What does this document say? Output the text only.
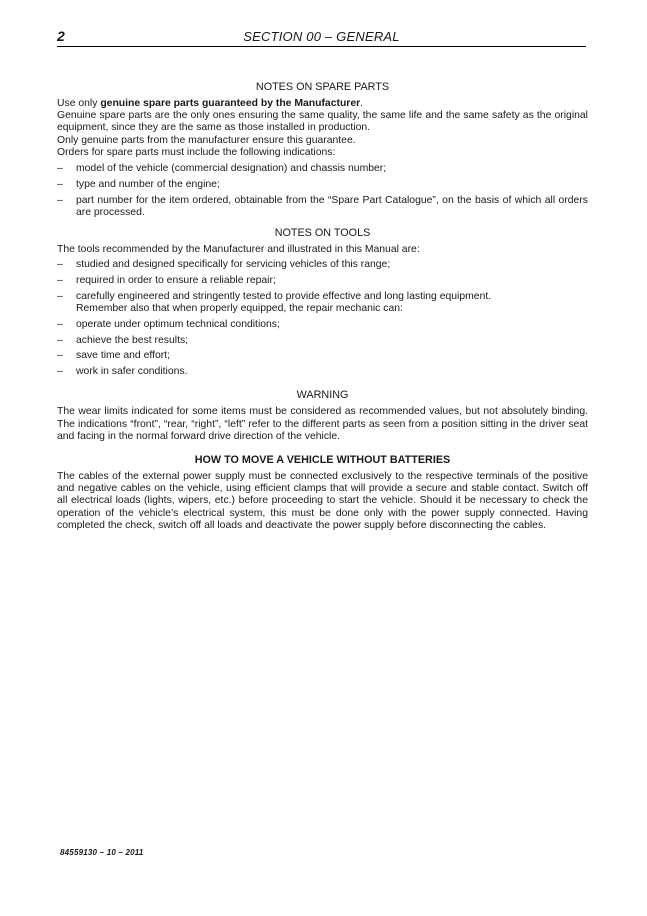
2	SECTION 00 – GENERAL
NOTES ON SPARE PARTS

Use only genuine spare parts guaranteed by the Manufacturer.

Genuine spare parts are the only ones ensuring the same quality, the same life and the same safety as the original equipment, since they are the same as those installed in production.

Only genuine parts from the manufacturer ensure this guarantee.

Orders for spare parts must include the following indications:

– model of the vehicle (commercial designation) and chassis number;
– type and number of the engine;
– part number for the item ordered, obtainable from the “Spare Part Catalogue”, on the basis of which all orders are processed.
NOTES ON TOOLS

The tools recommended by the Manufacturer and illustrated in this Manual are:

– studied and designed specifically for servicing vehicles of this range;
– required in order to ensure a reliable repair;
– carefully engineered and stringently tested to provide effective and long lasting equipment.
Remember also that when properly equipped, the repair mechanic can:
– operate under optimum technical conditions;
– achieve the best results;
– save time and effort;
– work in safer conditions.
WARNING

The wear limits indicated for some items must be considered as recommended values, but not absolutely binding. The indications “front”, “rear, “right”, “left” refer to the different parts as seen from a position sitting in the driver seat and facing in the normal forward drive direction of the vehicle.

HOW TO MOVE A VEHICLE WITHOUT BATTERIES

The cables of the external power supply must be connected exclusively to the respective terminals of the positive and negative cables on the vehicle, using efficient clamps that will provide a secure and stable contact. Switch off all electrical loads (lights, wipers, etc.) before proceeding to start the vehicle. Should it be necessary to check the operation of the vehicle’s electrical system, this must be done only with the power supply connected. Having completed the check, switch off all loads and deactivate the power supply before disconnecting the cables.

84559130 – 10 – 2011
